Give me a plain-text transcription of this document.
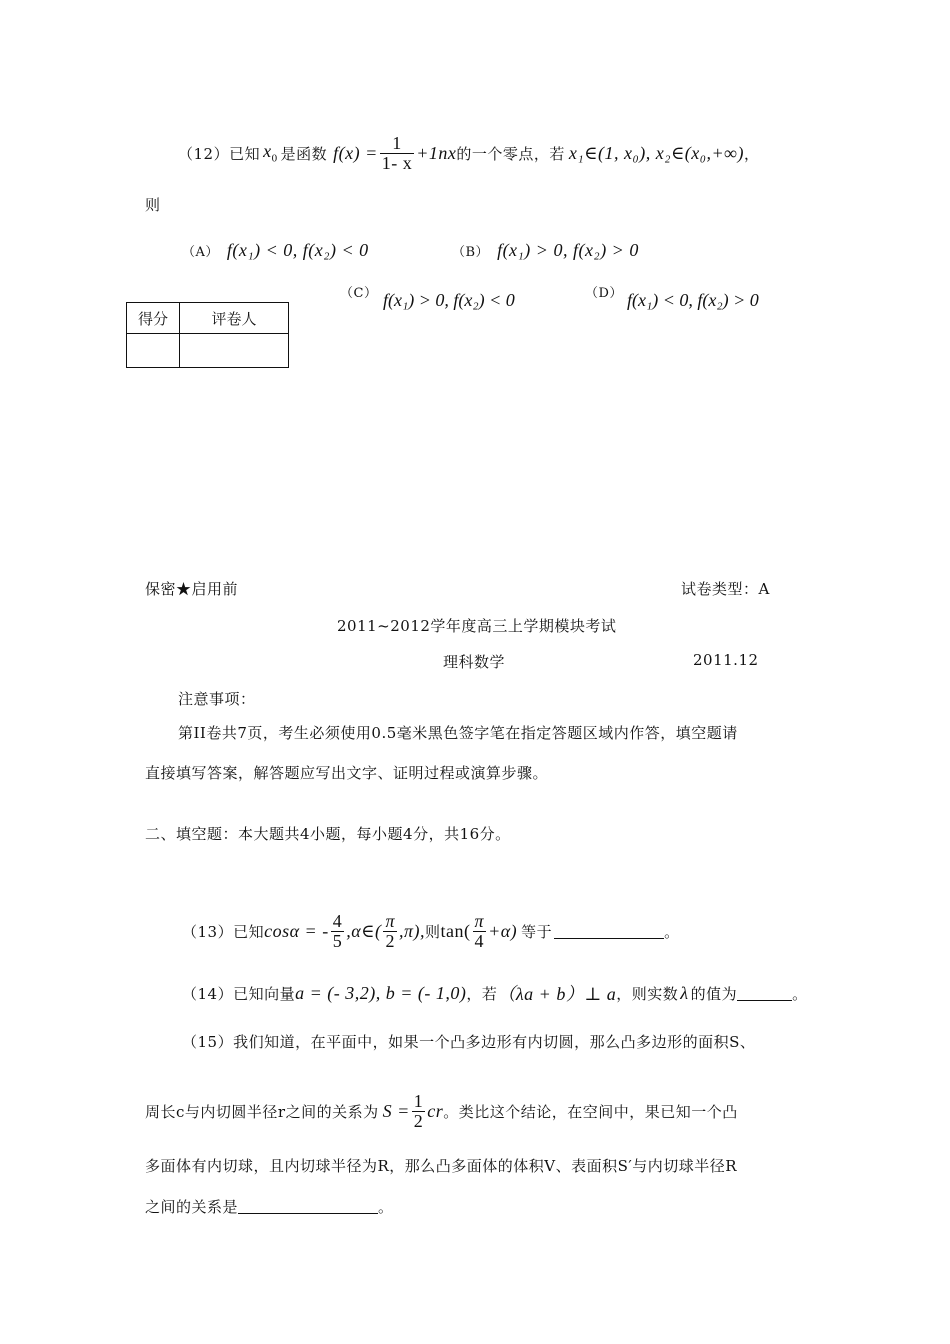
（12） 已知 $x_0$ 是函数 $f(x) = \frac{1}{1- x} +1nx$ 的一个零点，若 x₁∈(1, x₀), x₂∈(x₀,+∞) ，
则
（A） f(x₁) < 0, f(x₂) < 0	（B） f(x₁) > 0, f(x₂) > 0
（C） f(x₁) > 0, f(x₂) < 0	（D） f(x₁) < 0, f(x₂) > 0
得分	评卷人

保密★启用前	试卷类型：A
2011~2012学年度高三上学期模块考试
理科数学	2011.12
注意事项：
第II卷共7页，考生必须使用0.5毫米黑色签字笔在指定答题区域内作答，填空题请
直接填写答案，解答题应写出文字、证明过程或演算步骤。
二、填空题：本大题共4小题，每小题4分，共16分。
（13） 已知 cosα = - $\frac{4}{5}$ ,α∈( $\frac{\pi}{2} ,\pi$), 则 $\tan( \frac{\pi}{4} +\alpha)$ 等于	。
（14） 已知向量 a = (- 3,2), b = (- 1,0) ，若 （λa + b）⊥ a ，则实数 λ 的值为	。
（15）我们知道，在平面中，如果一个凸多边形有内切圆，那么凸多边形的面积S、
周长c与内切圆半径r之间的关系为 $S = \frac{1}{2}$ cr 。类比这个结论，在空间中，果已知一个凸
多面体有内切球，且内切球半径为R，那么凸多面体的体积V、表面积S′与内切球半径R
之间的关系是	。
